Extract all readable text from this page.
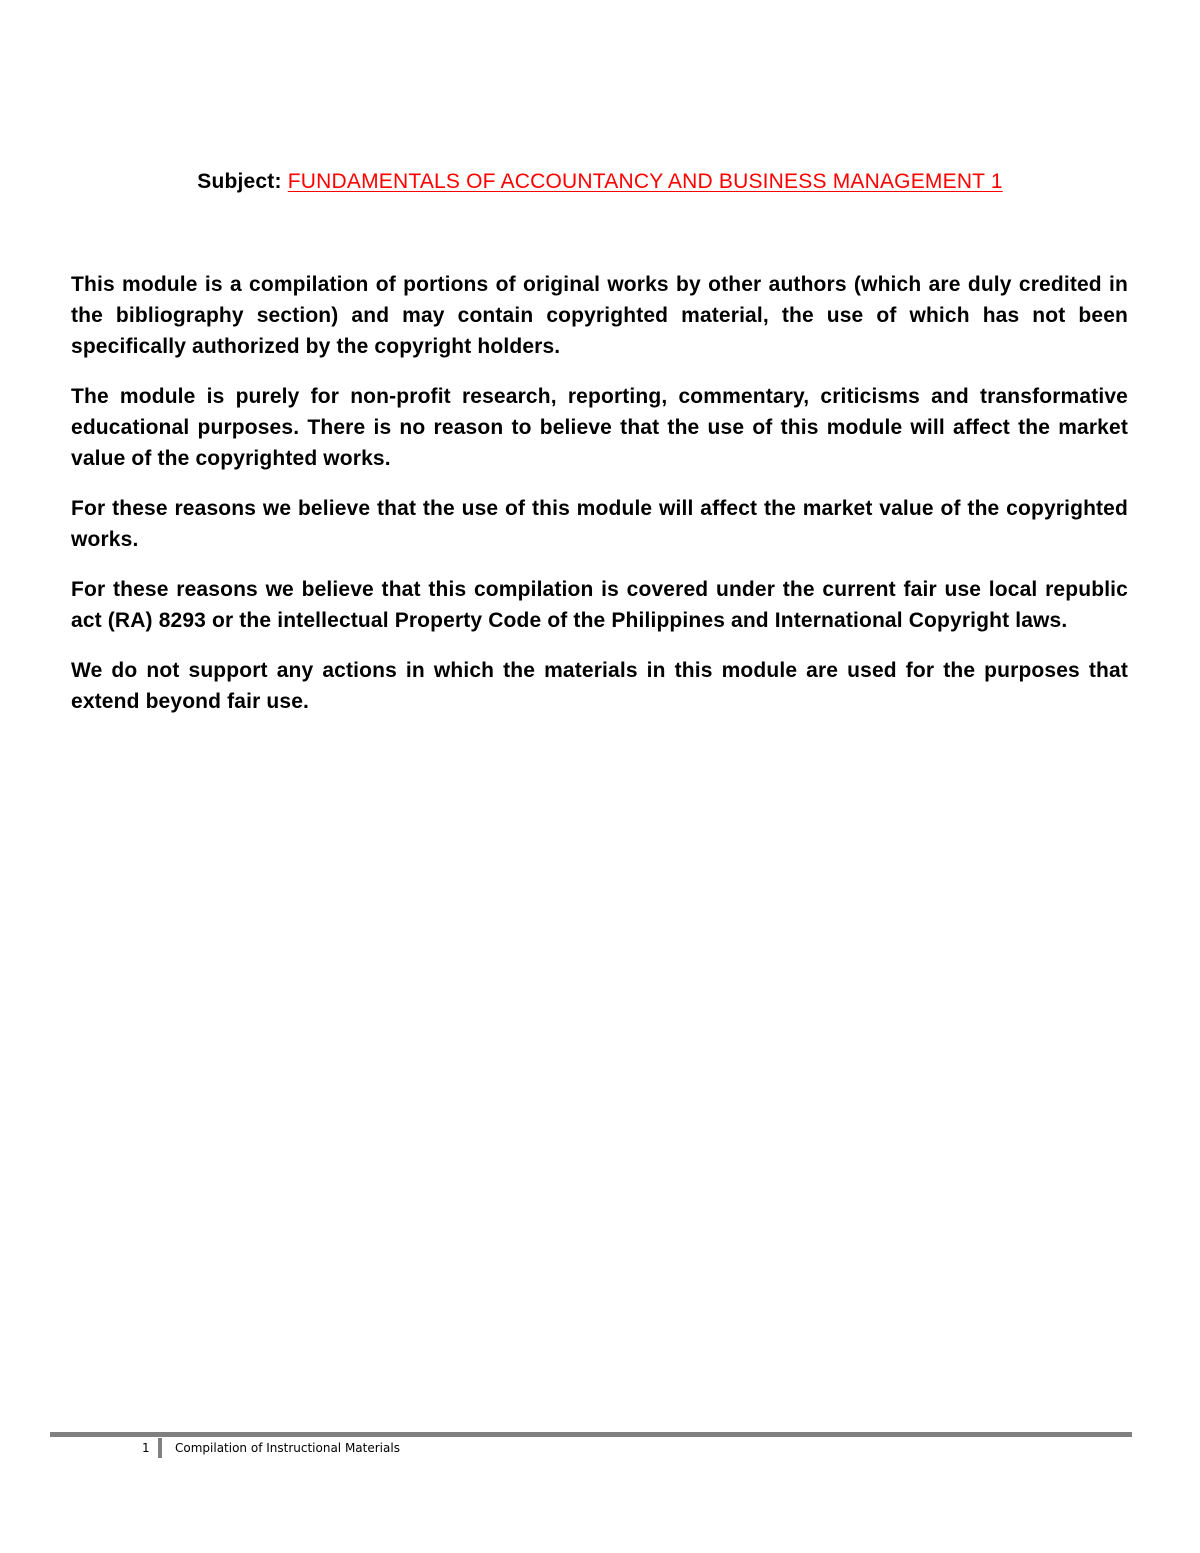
Subject: FUNDAMENTALS OF ACCOUNTANCY AND BUSINESS MANAGEMENT 1

This module is a compilation of portions of original works by other authors (which are duly credited in the bibliography section) and may contain copyrighted material, the use of which has not been specifically authorized by the copyright holders.

The module is purely for non-profit research, reporting, commentary, criticisms and transformative educational purposes. There is no reason to believe that the use of this module will affect the market value of the copyrighted works.

For these reasons we believe that the use of this module will affect the market value of the copyrighted works.

For these reasons we believe that this compilation is covered under the current fair use local republic act (RA) 8293 or the intellectual Property Code of the Philippines and International Copyright laws.

We do not support any actions in which the materials in this module are used for the purposes that extend beyond fair use.

1 Compilation of Instructional Materials
